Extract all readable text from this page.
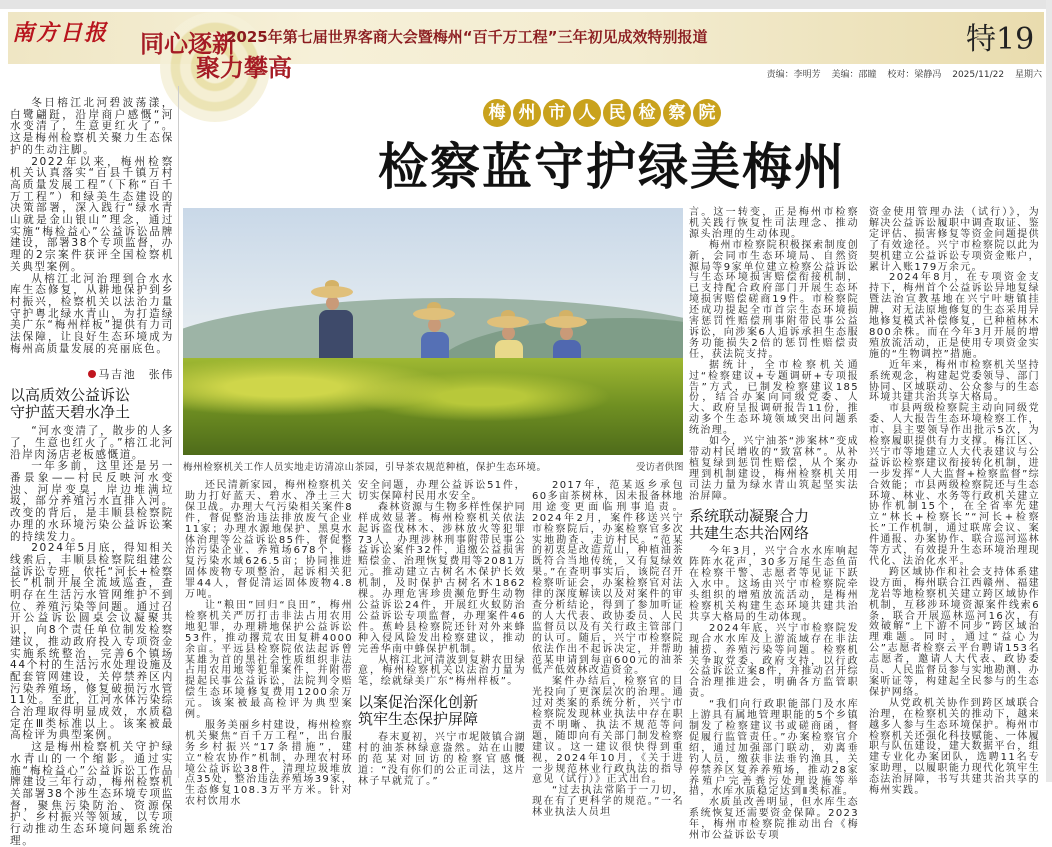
南方日报 同心逐新
聚力攀高
2025年第七届世界客商大会暨梅州“百千万工程”三年初见成效特别报道	特19
责编：李明芳 美编：邵瞳 校对：梁静冯 2025/11/22 星期六

冬日榕江北河碧波荡漾，白鹭翩跹，沿岸商户感慨“河水变清了，生意更红火了”。这是梅州检察机关聚力生态保护的生动注脚。

2022年以来，梅州检察机关认真落实“百县千镇万村高质量发展工程”（下称“百千万工程”）和绿美生态建设的决策部署，深入践行“绿水青山就是金山银山”理念，通过实施“梅检益心”公益诉讼品牌建设，部署38个专项监督，办理的2宗案件获评全国检察机关典型案例。

从榕江北河治理到合水水库生态修复，从耕地保护到乡村振兴，检察机关以法治力量守护粤北绿水青山，为打造绿美广东“梅州样板”提供有力司法保障，让良好生态环境成为梅州高质量发展的亮丽底色。

马吉池　张伟
以高质效公益诉讼
守护蓝天碧水净土

“河水变清了，散步的人多了，生意也红火了。”榕江北河沿岸肉汤店老板感慨道。

一年多前，这里还是另一番景象——村民反映河水变浊、河岸变臭，岸边堆满垃圾，部分养殖污水直排入河。改变的背后，是丰顺县检察院办理的水环境污染公益诉讼案的持续发力。

2024年5月底，得知相关线索后，丰顺县检察院组建公益诉讼专班，依托“河长+检察长”机制开展全流域巡查，查明存在生活污水管网维护不到位、养殖污染等问题。通过召开公益诉讼圆桌会议凝聚共识，向8个责任单位制发检察建议，推动政府投入专项资金实施系统整治，完善6个镇场44个村的生活污水处理设施及配套管网建设，关停禁养区内污染养殖场，修复破损污水管11处。至此，江河水体污染综合治理取得明显成效，水质稳定在Ⅲ类标准以上。该案被最高检评为典型案例。

这是梅州检察机关守护绿水青山的一个缩影。通过实施“梅检益心”公益诉讼工作品牌建设三年行动，梅州检察机关部署38个涉生态环境专项监督，聚焦污染防治、资源保护、乡村振兴等领域，以专项行动推动生态环境问题系统治理。

梅 州 市 人 民 检 察 院
检察蓝守护绿美梅州
梅州检察机关工作人员实地走访清凉山茶园，引导茶农规范种植，保护生态环境。	受访者供图

还民清新家园，梅州检察机关助力打好蓝天、碧水、净土三大保卫战。办理大气污染相关案件8件，督促整治违法排放废气企业11家；办理水源地保护、黑臭水体治理等公益诉讼85件，督促整治污染企业、养殖场678个，修复污染水域626.5亩；协同推进固体废物专项整治，起诉相关犯罪44人，督促清运固体废物4.8万吨。

让“粮田”回归“良田”，梅州检察机关严厉打击非法占用农用地犯罪，办理耕地保护公益诉讼53件，推动撂荒农田复耕4000余亩。平远县检察院依法起诉曾某雄为首的黑社会性质组织非法占用农用地等犯罪案件，并附带提起民事公益诉讼，法院判令赔偿生态环境修复费用1200余万元。该案被最高检评为典型案例。

服务美丽乡村建设，梅州检察机关聚焦“百千万工程”，出台服务乡村振兴“17条措施”，建立“检农协作”机制，办理农村环境公益诉讼38件，清理垃圾堆放点35处，整治违法养殖场39家，生态修复108.3万平方米。针对农村饮用水

安全问题，办理公益诉讼51件，切实保障村民用水安全。

森林资源与生物多样性保护同样成效显著。梅州检察机关依法起诉盗伐林木、涉林放火等犯罪73人，办理涉林刑事附带民事公益诉讼案件32件，追缴公益损害赔偿金、治理恢复费用等2081万元。推动建立古树名木保护长效机制，及时保护古树名木1862棵。办理危害珍贵濒危野生动物公益诉讼24件，开展红火蚁防治公益诉讼专项监督，办理案件46件。蕉岭县检察院还针对外来蜂种入侵风险发出检察建议，推动完善华南中蜂保护机制。

从榕江北河清波到复耕农田绿意，梅州检察机关以法治力量为笔，绘就绿美广东“梅州样板”。

以案促治深化创新
筑牢生态保护屏障

春末夏初，兴宁市坭陂镇合湖村的油茶林绿意盎然。站在山腰的范某对回访的检察官感慨道：“没有你们的公正司法，这片林子早就荒了。”

2017年，范某返乡承包60多亩茶树林，因未报备林地用途变更面临刑事追责。2024年2月，案件移送兴宁市检察院后，办案检察官多次实地勘查、走访村民。“范某的初衷是改造荒山，种植油茶既符合当地传统，又有复绿效果。”在查明事实后，该院召开检察听证会，办案检察官对法律的深度解读以及对案件的审查分析结论，得到了参加听证的人大代表、政协委员、人民监督员以及有关行政主管部门的认可。随后，兴宁市检察院依法作出不起诉决定，并帮助范某申请到每亩600元的油茶低产低效林改造资金。

案件办结后，检察官的目光投向了更深层次的治理。通过对类案的系统分析，兴宁市检察院发现林业执法中存在职责不明晰、执法不规范等问题，随即向有关部门制发检察建议。这一建议很快得到重视，2024年10月，《关于进一步规范林业行政执法的指导意见（试行）》正式出台。

“过去执法常陷于一刀切，现在有了更科学的规范。”一名林业执法人员坦

言。这一转变，正是梅州市检察机关践行恢复性司法理念、推动源头治理的生动体现。

梅州市检察院积极探索制度创新，会同市生态环境局、自然资源局等9家单位建立检察公益诉讼与生态环境损害赔偿衔接机制，已支持配合政府部门开展生态环境损害赔偿磋商19件。市检察院还成功提起全市首宗生态环境损害惩罚性赔偿刑事附带民事公益诉讼，向涉案6人追诉承担生态服务功能损失2倍的惩罚性赔偿责任，获法院支持。

据统计，全市检察机关通过“检察建议+专题调研+专项报告”方式，已制发检察建议185份，结合办案向同级党委、人大、政府呈报调研报告11份，推动多个生态环境领域突出问题系统治理。

如今，兴宁油茶“涉案林”变成带动村民增收的“致富林”。从补植复绿到惩罚性赔偿，从个案办理到机制建设，梅州检察机关用司法力量为绿水青山筑起坚实法治屏障。

系统联动凝聚合力
共建生态共治网络

今年3月，兴宁合水水库响起阵阵水花声，30多万尾生态鱼苗在检察干警、志愿者等见证下跃入水中。这场由兴宁市检察院牵头组织的增殖放流活动，是梅州检察机关构建生态环境共建共治共享大格局的生动体现。

2024年底，兴宁市检察院发现合水水库及上游流域存在非法捕捞、养殖污染等问题。检察机关争取党委、政府支持，以行政公益诉讼立案8件，并推动召开综合治理推进会，明确各方监管职责。

“我们向行政职能部门及水库上游具有属地管理职能的5个乡镇制发了检察建议书或磋商函，督促履行监管责任。”办案检察官介绍，通过加强部门联动，劝离垂钓人员，缴获非法垂钓渔具，关停禁养区复养养殖场，推动28家养殖户完善粪污处理设施等举措，水库水质稳定达到Ⅱ类标准。

水质虽改善明显，但水库生态系统恢复还需要资金保障。2023年，梅州市检察院推动出台《梅州市公益诉讼专项

资金使用管理办法（试行）》，为解决公益诉讼履职中调查取证、鉴定评估、损害修复等资金问题提供了有效途径。兴宁市检察院以此为契机建立公益诉讼专项资金账户，累计入账179万余元。

2024年8月，在专项资金支持下，梅州首个公益诉讼异地复绿暨法治宣教基地在兴宁叶塘镇挂牌，对无法原地修复的生态采用异地修复模式补偿修复，已种植林木800余株。而在今年3月开展的增殖放流活动，正是使用专项资金实施的“生物调控”措施。

近年来，梅州市检察机关坚持系统观念，构建起党委领导、部门协同、区域联动、公众参与的生态环境共建共治共享大格局。

市县两级检察院主动向同级党委、人大报告生态环境检察工作，市、县主要领导作出批示5次，为检察履职提供有力支撑。梅江区、兴宁市等地建立人大代表建议与公益诉讼检察建议衔接转化机制，进一步发挥“人大监督+检察监督”综合效能；市县两级检察院还与生态环境、林业、水务等行政机关建立协作机制15个，在全省率先建立“林长+检察长”“河长+检察长”工作机制，通过联席会议、案件通报、办案协作、联合巡河巡林等方式，有效提升生态环境治理现代化、法治化水平。

跨区域协作和社会支持体系建设方面，梅州联合江西赣州、福建龙岩等地检察机关建立跨区域协作机制，互移涉环境资源案件线索6条，联合开展巡林巡河16次，有效破解“上下游不同步”跨区域治理难题。同时，通过“益心为公”志愿者检察云平台聘请153名志愿者，邀请人大代表、政协委员、人民监督员参与实地勘测、办案听证等，构建起全民参与的生态保护网络。

从党政机关协作到跨区域联合治理，在检察机关的推动下，越来越多人参与生态环境保护。梅州市检察机关还强化科技赋能、一体履职与队伍建设，建大数据平台，组建专业化办案团队，选聘11名专家助理，以履职能力现代化筑牢生态法治屏障，书写共建共治共享的梅州实践。
